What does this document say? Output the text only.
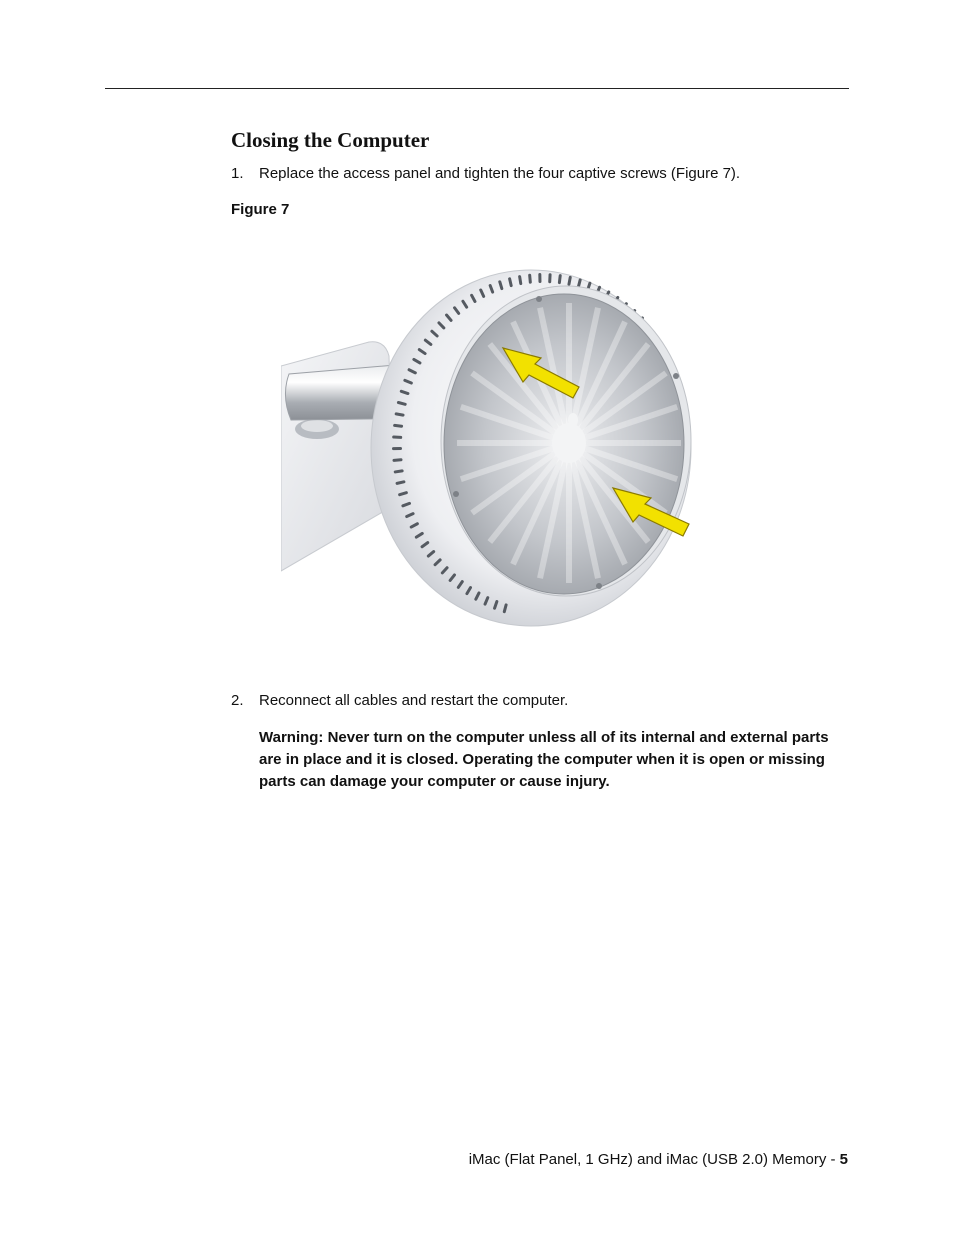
Closing the Computer
1.	Replace the access panel and tighten the four captive screws (Figure 7).
Figure 7
2.	Reconnect all cables and restart the computer.
Warning: Never turn on the computer unless all of its internal and external parts are in place and it is closed. Operating the computer when it is open or missing parts can damage your computer or cause injury.
iMac (Flat Panel, 1 GHz) and iMac (USB 2.0) Memory - 5
